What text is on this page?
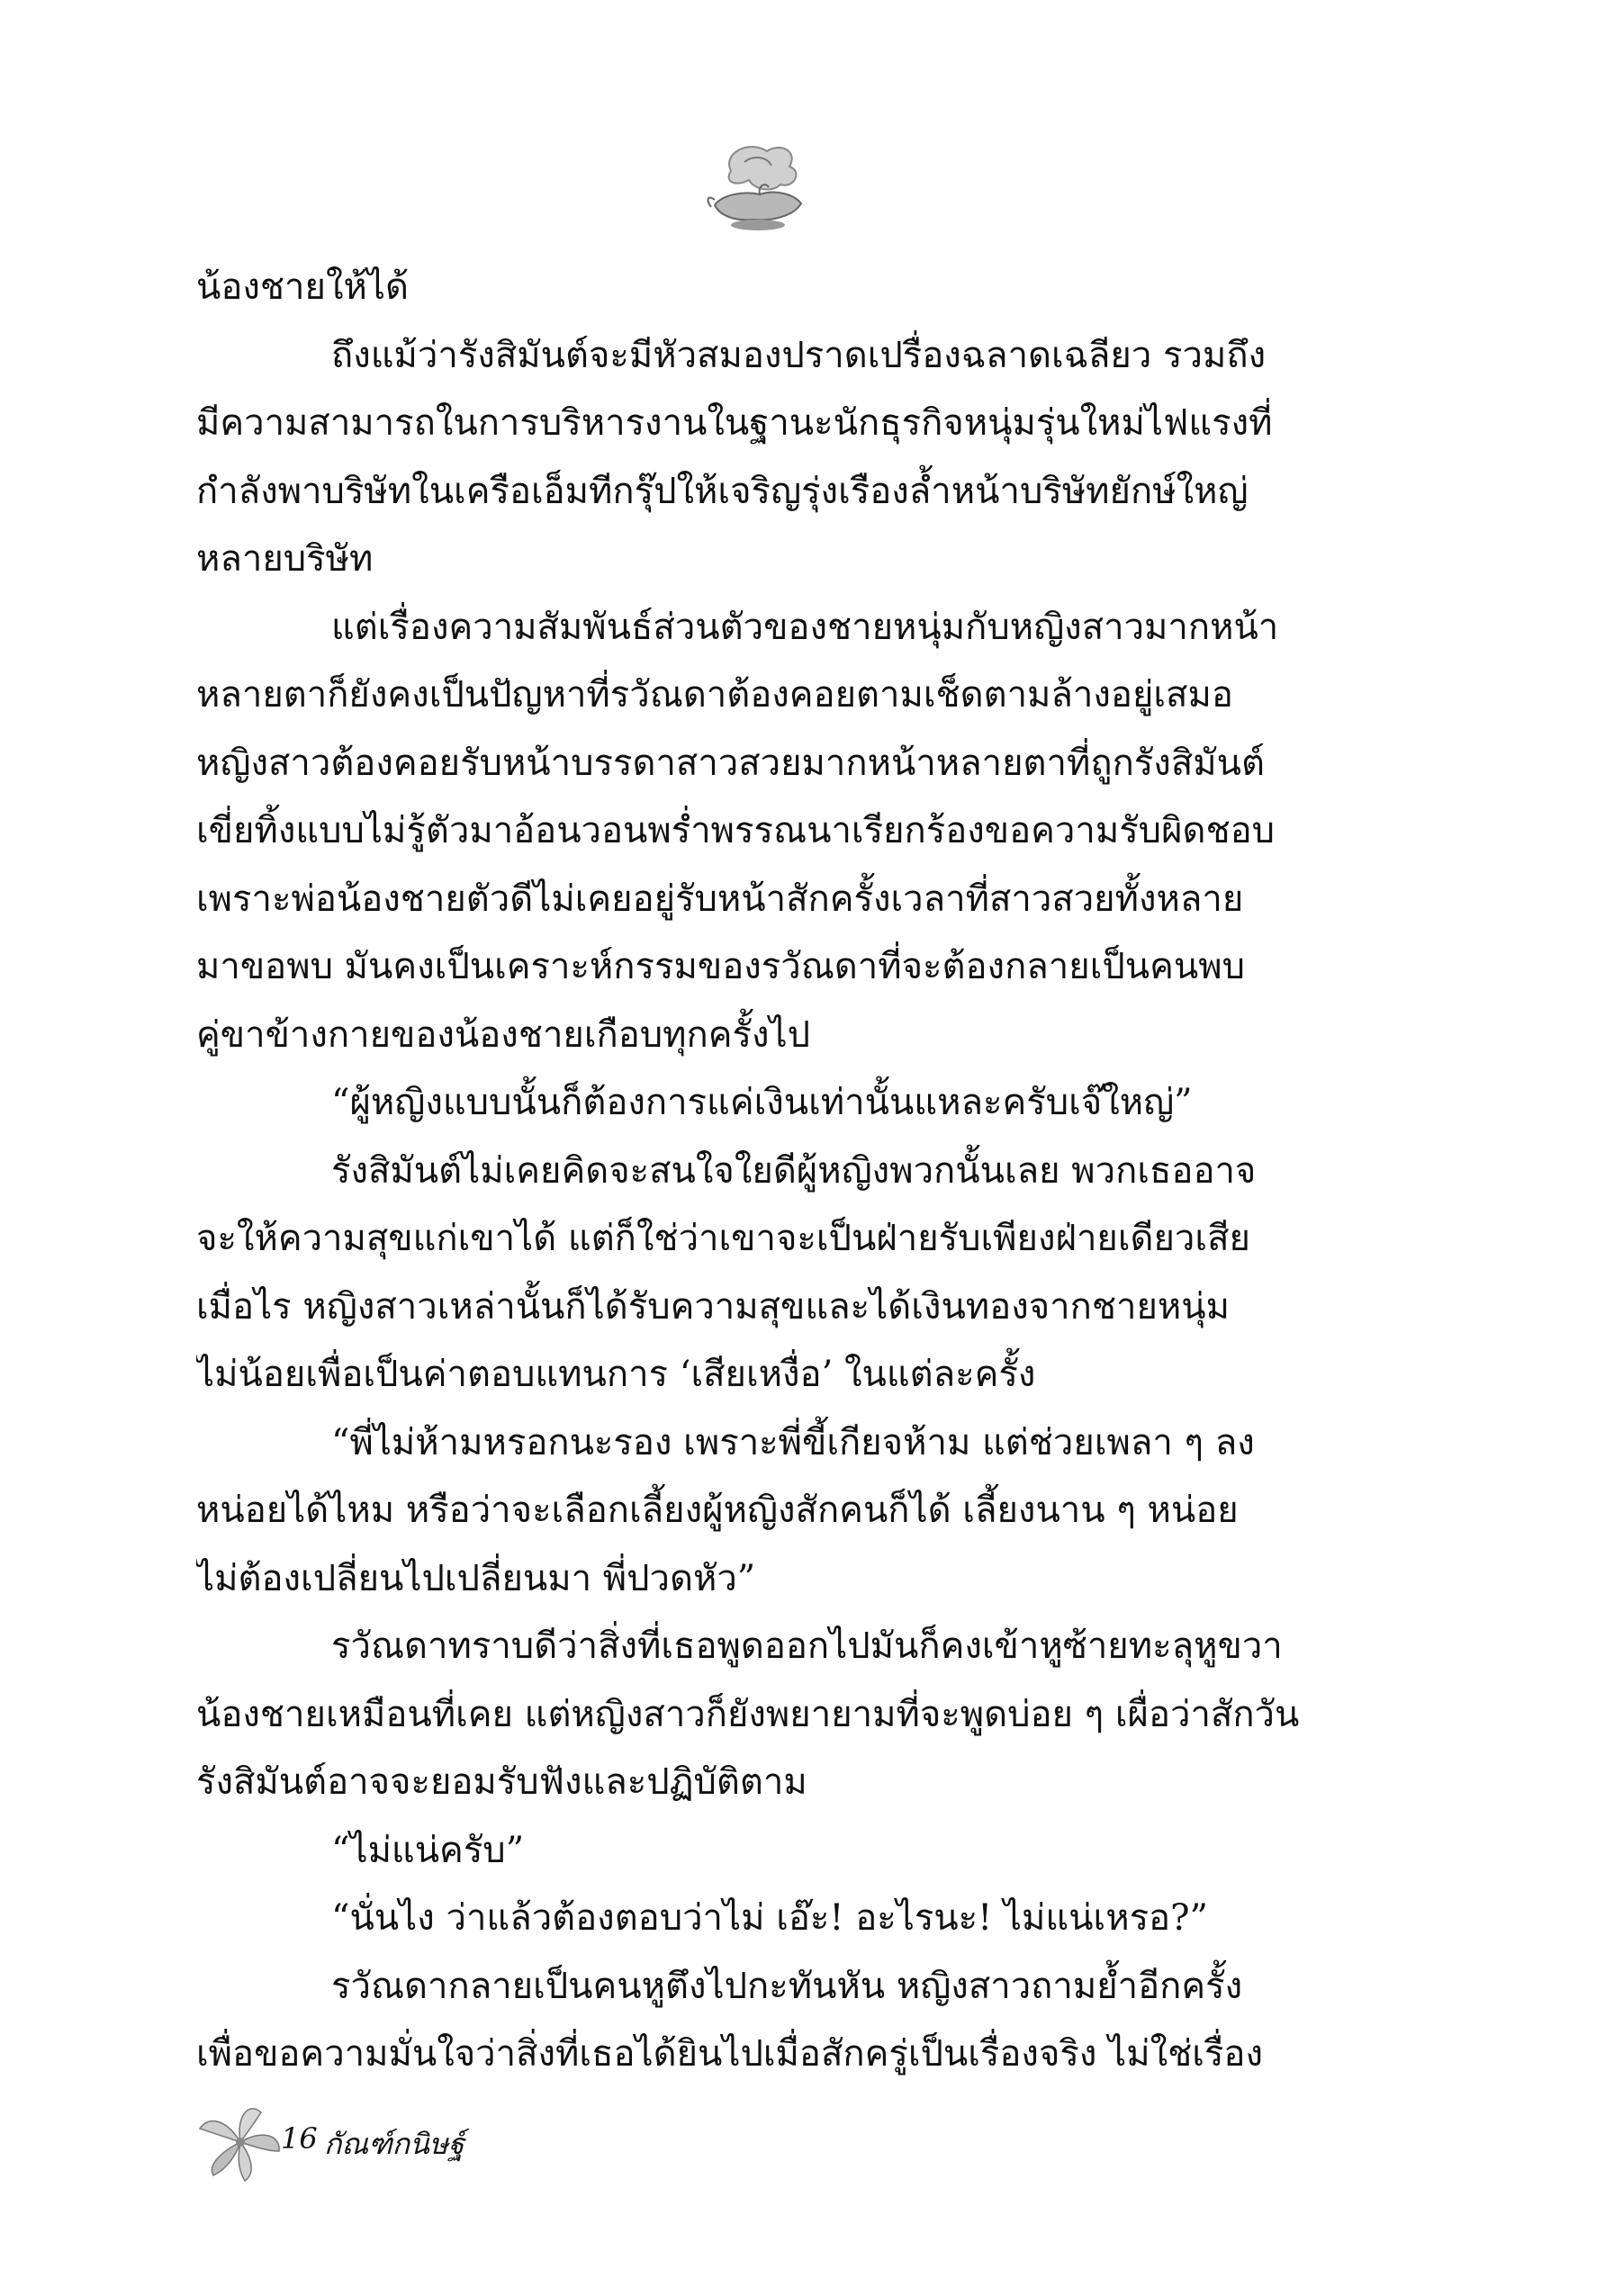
น้องชายให้ได้

ถึงแม้ว่ารังสิมันต์จะมีหัวสมองปราดเปรื่องฉลาดเฉลียว รวมถึง

มีความสามารถในการบริหารงานในฐานะนักธุรกิจหนุ่มรุ่นใหม่ไฟแรงที่

กำลังพาบริษัทในเครือเอ็มทีกรุ๊ปให้เจริญรุ่งเรืองล้ำหน้าบริษัทยักษ์ใหญ่

หลายบริษัท

แต่เรื่องความสัมพันธ์ส่วนตัวของชายหนุ่มกับหญิงสาวมากหน้า

หลายตาก็ยังคงเป็นปัญหาที่รวัณดาต้องคอยตามเช็ดตามล้างอยู่เสมอ

หญิงสาวต้องคอยรับหน้าบรรดาสาวสวยมากหน้าหลายตาที่ถูกรังสิมันต์

เขี่ยทิ้งแบบไม่รู้ตัวมาอ้อนวอนพร่ำพรรณนาเรียกร้องขอความรับผิดชอบ

เพราะพ่อน้องชายตัวดีไม่เคยอยู่รับหน้าสักครั้งเวลาที่สาวสวยทั้งหลาย

มาขอพบ มันคงเป็นเคราะห์กรรมของรวัณดาที่จะต้องกลายเป็นคนพบ

คู่ขาข้างกายของน้องชายเกือบทุกครั้งไป

“ผู้หญิงแบบนั้นก็ต้องการแค่เงินเท่านั้นแหละครับเจ๊ใหญ่”

รังสิมันต์ไม่เคยคิดจะสนใจใยดีผู้หญิงพวกนั้นเลย พวกเธออาจ

จะให้ความสุขแก่เขาได้ แต่ก็ใช่ว่าเขาจะเป็นฝ่ายรับเพียงฝ่ายเดียวเสีย

เมื่อไร หญิงสาวเหล่านั้นก็ได้รับความสุขและได้เงินทองจากชายหนุ่ม

ไม่น้อยเพื่อเป็นค่าตอบแทนการ ‘เสียเหงื่อ’ ในแต่ละครั้ง

“พี่ไม่ห้ามหรอกนะรอง เพราะพี่ขี้เกียจห้าม แต่ช่วยเพลา ๆ ลง

หน่อยได้ไหม หรือว่าจะเลือกเลี้ยงผู้หญิงสักคนก็ได้ เลี้ยงนาน ๆ หน่อย

ไม่ต้องเปลี่ยนไปเปลี่ยนมา พี่ปวดหัว”

รวัณดาทราบดีว่าสิ่งที่เธอพูดออกไปมันก็คงเข้าหูซ้ายทะลุหูขวา

น้องชายเหมือนที่เคย แต่หญิงสาวก็ยังพยายามที่จะพูดบ่อย ๆ เผื่อว่าสักวัน

รังสิมันต์อาจจะยอมรับฟังและปฏิบัติตาม

“ไม่แน่ครับ”

“นั่นไง ว่าแล้วต้องตอบว่าไม่ เอ๊ะ! อะไรนะ! ไม่แน่เหรอ?”

รวัณดากลายเป็นคนหูตึงไปกะทันหัน หญิงสาวถามย้ำอีกครั้ง

เพื่อขอความมั่นใจว่าสิ่งที่เธอได้ยินไปเมื่อสักครู่เป็นเรื่องจริง ไม่ใช่เรื่อง

16 กัณฑ์กนิษฐ์
